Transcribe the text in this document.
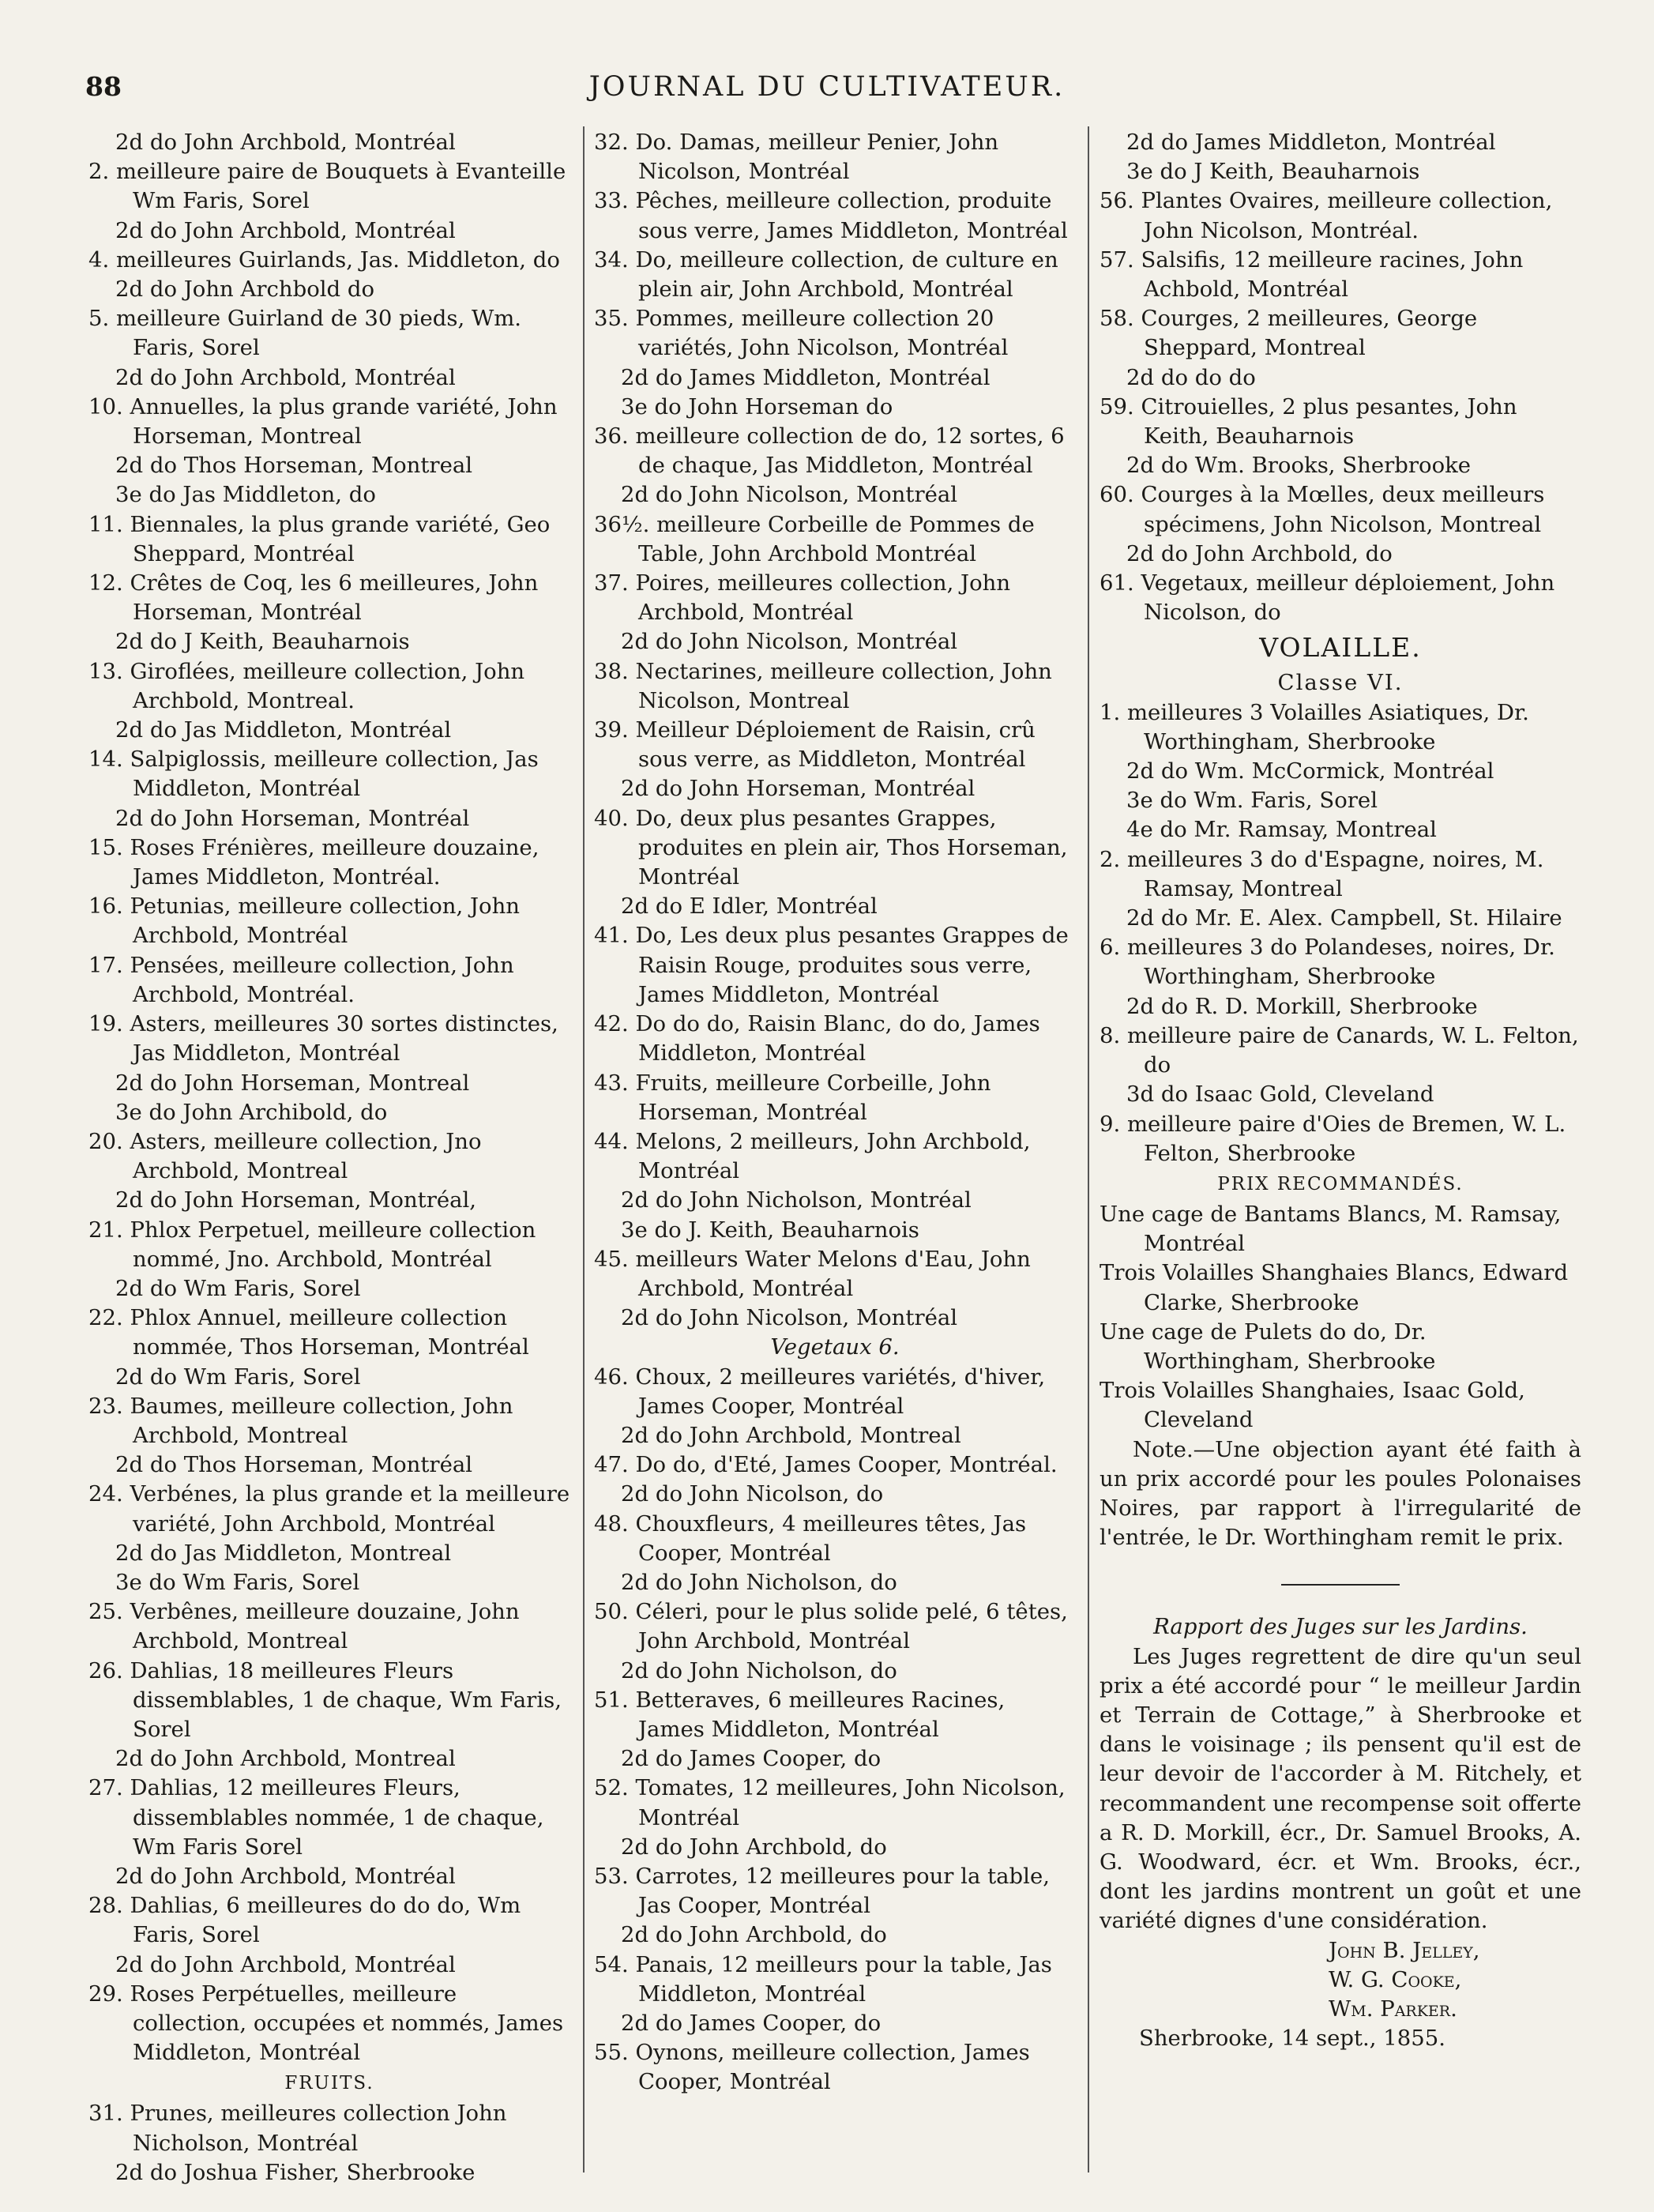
88	JOURNAL DU CULTIVATEUR.

2d do John Archbold, Montréal

2. meilleure paire de Bouquets à Evanteille Wm Faris, Sorel

2d do John Archbold, Montréal

4. meilleures Guirlands, Jas. Middleton, do

2d do John Archbold do

5. meilleure Guirland de 30 pieds, Wm. Faris, Sorel

2d do John Archbold, Montréal

10. Annuelles, la plus grande variété, John Horseman, Montreal

2d do Thos Horseman, Montreal

3e do Jas Middleton, do

11. Biennales, la plus grande variété, Geo Sheppard, Montréal

12. Crêtes de Coq, les 6 meilleures, John Horseman, Montréal

2d do J Keith, Beauharnois

13. Giroflées, meilleure collection, John Archbold, Montreal.

2d do Jas Middleton, Montréal

14. Salpiglossis, meilleure collection, Jas Middleton, Montréal

2d do John Horseman, Montréal

15. Roses Frénières, meilleure douzaine, James Middleton, Montréal.

16. Petunias, meilleure collection, John Archbold, Montréal

17. Pensées, meilleure collection, John Archbold, Montréal.

19. Asters, meilleures 30 sortes distinctes, Jas Middleton, Montréal

2d do John Horseman, Montreal

3e do John Archibold, do

20. Asters, meilleure collection, Jno Archbold, Montreal

2d do John Horseman, Montréal,

21. Phlox Perpetuel, meilleure collection nommé, Jno. Archbold, Montréal

2d do Wm Faris, Sorel

22. Phlox Annuel, meilleure collection nommée, Thos Horseman, Montréal

2d do Wm Faris, Sorel

23. Baumes, meilleure collection, John Archbold, Montreal

2d do Thos Horseman, Montréal

24. Verbénes, la plus grande et la meilleure variété, John Archbold, Montréal

2d do Jas Middleton, Montreal

3e do Wm Faris, Sorel

25. Verbênes, meilleure douzaine, John Archbold, Montreal

26. Dahlias, 18 meilleures Fleurs dissemblables, 1 de chaque, Wm Faris, Sorel

2d do John Archbold, Montreal

27. Dahlias, 12 meilleures Fleurs, dissemblables nommée, 1 de chaque, Wm Faris Sorel

2d do John Archbold, Montréal

28. Dahlias, 6 meilleures do do do, Wm Faris, Sorel

2d do John Archbold, Montréal

29. Roses Perpétuelles, meilleure collection, occupées et nommés, James Middleton, Montréal

FRUITS.

31. Prunes, meilleures collection John Nicholson, Montréal

2d do Joshua Fisher, Sherbrooke

32. Do. Damas, meilleur Penier, John Nicolson, Montréal

33. Pêches, meilleure collection, produite sous verre, James Middleton, Montréal

34. Do, meilleure collection, de culture en plein air, John Archbold, Montréal

35. Pommes, meilleure collection 20 variétés, John Nicolson, Montréal

2d do James Middleton, Montréal

3e do John Horseman do

36. meilleure collection de do, 12 sortes, 6 de chaque, Jas Middleton, Montréal

2d do John Nicolson, Montréal

36½. meilleure Corbeille de Pommes de Table, John Archbold Montréal

37. Poires, meilleures collection, John Archbold, Montréal

2d do John Nicolson, Montréal

38. Nectarines, meilleure collection, John Nicolson, Montreal

39. Meilleur Déploiement de Raisin, crû sous verre, as Middleton, Montréal

2d do John Horseman, Montréal

40. Do, deux plus pesantes Grappes, produites en plein air, Thos Horseman, Montréal

2d do E Idler, Montréal

41. Do, Les deux plus pesantes Grappes de Raisin Rouge, produites sous verre, James Middleton, Montréal

42. Do do do, Raisin Blanc, do do, James Middleton, Montréal

43. Fruits, meilleure Corbeille, John Horseman, Montréal

44. Melons, 2 meilleurs, John Archbold, Montréal

2d do John Nicholson, Montréal

3e do J. Keith, Beauharnois

45. meilleurs Water Melons d'Eau, John Archbold, Montréal

2d do John Nicolson, Montréal

Vegetaux 6.

46. Choux, 2 meilleures variétés, d'hiver, James Cooper, Montréal

2d do John Archbold, Montreal

47. Do do, d'Eté, James Cooper, Montréal.

2d do John Nicolson, do

48. Chouxfleurs, 4 meilleures têtes, Jas Cooper, Montréal

2d do John Nicholson, do

50. Céleri, pour le plus solide pelé, 6 têtes, John Archbold, Montréal

2d do John Nicholson, do

51. Betteraves, 6 meilleures Racines, James Middleton, Montréal

2d do James Cooper, do

52. Tomates, 12 meilleures, John Nicolson, Montréal

2d do John Archbold, do

53. Carrotes, 12 meilleures pour la table, Jas Cooper, Montréal

2d do John Archbold, do

54. Panais, 12 meilleurs pour la table, Jas Middleton, Montréal

2d do James Cooper, do

55. Oynons, meilleure collection, James Cooper, Montréal

2d do James Middleton, Montréal

3e do J Keith, Beauharnois

56. Plantes Ovaires, meilleure collection, John Nicolson, Montréal.

57. Salsifis, 12 meilleure racines, John Achbold, Montréal

58. Courges, 2 meilleures, George Sheppard, Montreal

2d do do do

59. Citrouielles, 2 plus pesantes, John Keith, Beauharnois

2d do Wm. Brooks, Sherbrooke

60. Courges à la Mœlles, deux meilleurs spécimens, John Nicolson, Montreal

2d do John Archbold, do

61. Vegetaux, meilleur déploiement, John Nicolson, do

VOLAILLE.

Classe VI.

1. meilleures 3 Volailles Asiatiques, Dr. Worthingham, Sherbrooke

2d do Wm. McCormick, Montréal

3e do Wm. Faris, Sorel

4e do Mr. Ramsay, Montreal

2. meilleures 3 do d'Espagne, noires, M. Ramsay, Montreal

2d do Mr. E. Alex. Campbell, St. Hilaire

6. meilleures 3 do Polandeses, noires, Dr. Worthingham, Sherbrooke

2d do R. D. Morkill, Sherbrooke

8. meilleure paire de Canards, W. L. Felton, do

3d do Isaac Gold, Cleveland

9. meilleure paire d'Oies de Bremen, W. L. Felton, Sherbrooke

PRIX RECOMMANDÉS.

Une cage de Bantams Blancs, M. Ramsay, Montréal

Trois Volailles Shanghaies Blancs, Edward Clarke, Sherbrooke

Une cage de Pulets do do, Dr. Worthingham, Sherbrooke

Trois Volailles Shanghaies, Isaac Gold, Cleveland

Note.—Une objection ayant été faith à un prix accordé pour les poules Polonaises Noires, par rapport à l'irregularité de l'entrée, le Dr. Worthingham remit le prix.

Rapport des Juges sur les Jardins.

Les Juges regrettent de dire qu'un seul prix a été accordé pour “ le meilleur Jardin et Terrain de Cottage,” à Sherbrooke et dans le voisinage ; ils pensent qu'il est de leur devoir de l'accorder à M. Ritchely, et recommandent une recompense soit offerte a R. D. Morkill, écr., Dr. Samuel Brooks, A. G. Woodward, écr. et Wm. Brooks, écr., dont les jardins montrent un goût et une variété dignes d'une considération.

John B. Jelley,

W. G. Cooke,

Wm. Parker.

Sherbrooke, 14 sept., 1855.
